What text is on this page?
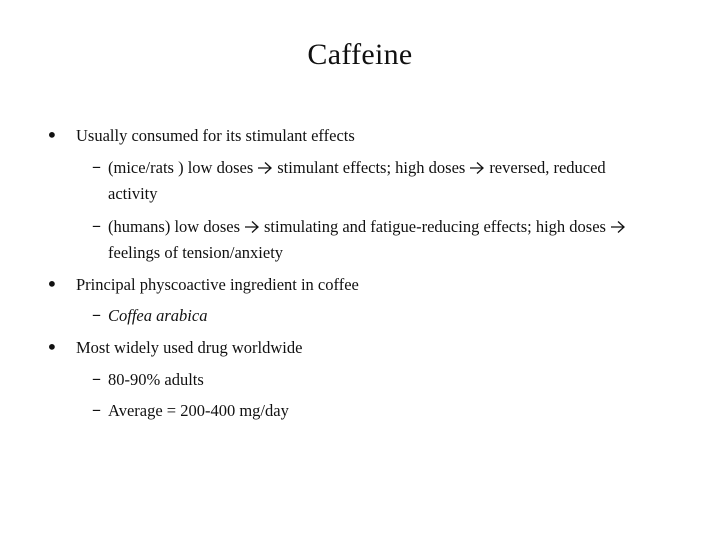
Caffeine
• Usually consumed for its stimulant effects
– (mice/rats ) low doses stimulant effects; high doses reversed, reduced
activity
– (humans) low doses stimulating and fatigue-reducing effects; high doses
feelings of tension/anxiety
• Principal physcoactive ingredient in coffee
– Coffea arabica
• Most widely used drug worldwide
– 80-90% adults
– Average = 200-400 mg/day
